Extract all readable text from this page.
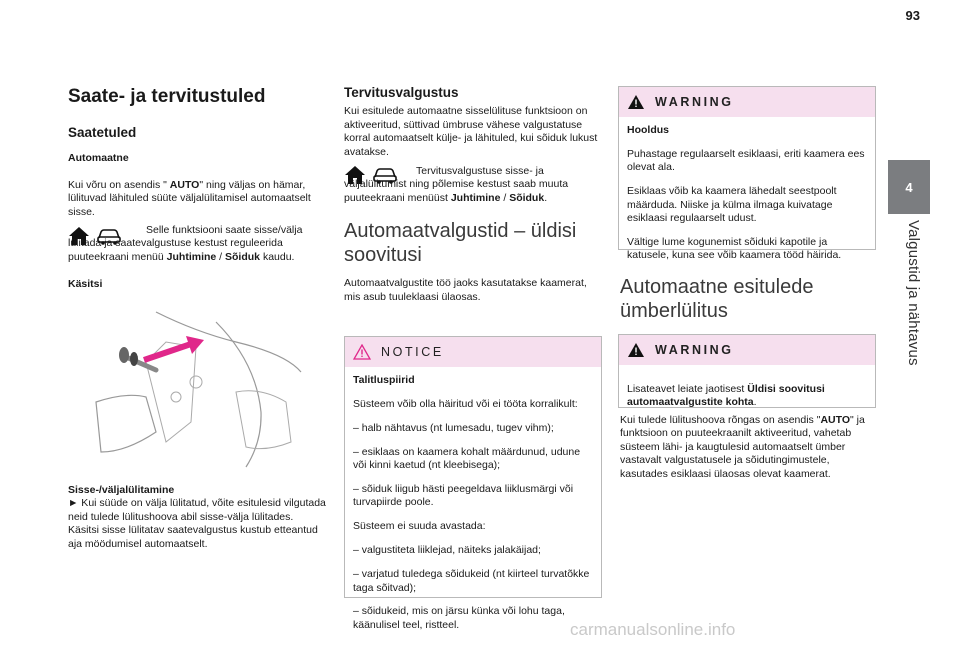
93
4
Valgustid ja nähtavus
Saate- ja tervitustuled
Saatetuled
Automaatne

Kui võru on asendis " AUTO" ning väljas on hämar, lülituvad lähituled süüte väljalülitamisel automaatselt sisse.

Selle funktsiooni saate sisse/välja lülitada ja saatevalgustuse kestust reguleerida puuteekraani menüü Juhtimine / Sõiduk kaudu.

Käsitsi
Sisse-/väljalülitamine

► Kui süüde on välja lülitatud, võite esitulesid vilgutada neid tulede lülitushoova abil sisse-välja lülitades.

Käsitsi sisse lülitatav saatevalgustus kustub etteantud aja möödumisel automaatselt.

Tervitusvalgustus

Kui esitulede automaatne sisselülituse funktsioon on aktiveeritud, süttivad ümbruse vähese valgustatuse korral automaatselt külje- ja lähituled, kui sõiduk lukust avatakse.

Tervitusvalgustuse sisse- ja väljalülitumist ning põlemise kestust saab muuta puuteekraani menüüst Juhtimine / Sõiduk.

Automaatvalgustid – üldisi soovitusi

Automaatvalgustite töö jaoks kasutatakse kaamerat, mis asub tuuleklaasi ülaosas.

NOTICE
Talitluspiirid

Süsteem võib olla häiritud või ei tööta korralikult:

– halb nähtavus (nt lumesadu, tugev vihm);

– esiklaas on kaamera kohalt määrdunud, udune või kinni kaetud (nt kleebisega);

– sõiduk liigub hästi peegeldava liiklusmärgi või turvapiirde poole.

Süsteem ei suuda avastada:

– valgustiteta liiklejad, näiteks jalakäijad;

– varjatud tuledega sõidukeid (nt kiirteel turvatõkke taga sõitvad);

– sõidukeid, mis on järsu künka või lohu taga, käänulisel teel, ristteel.

WARNING
Hooldus

Puhastage regulaarselt esiklaasi, eriti kaamera ees olevat ala.

Esiklaas võib ka kaamera lähedalt seestpoolt määrduda. Niiske ja külma ilmaga kuivatage esiklaasi regulaarselt udust.

Vältige lume kogunemist sõiduki kapotile ja katusele, kuna see võib kaamera tööd häirida.

Automaatne esitulede ümberlülitus
WARNING

Lisateavet leiate jaotisest Üldisi soovitusi automaatvalgustite kohta.

Kui tulede lülitushoova rõngas on asendis "AUTO" ja funktsioon on puuteekraanilt aktiveeritud, vahetab süsteem lähi- ja kaugtulesid automaatselt ümber vastavalt valgustatusele ja sõidutingimustele, kasutades esiklaasi ülaosas olevat kaamerat.

carmanualsonline.info
